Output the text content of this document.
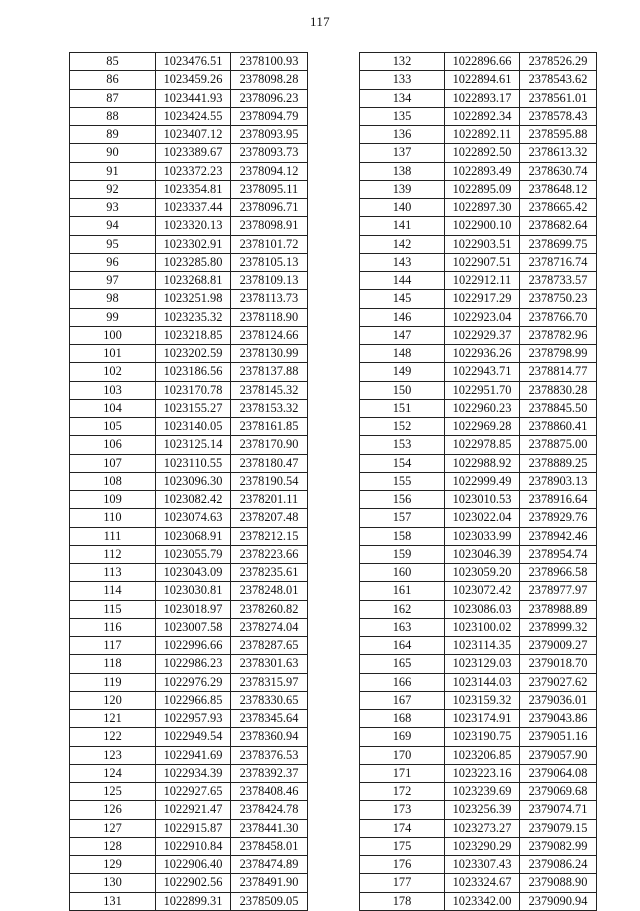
117
85	1023476.51	2378100.93
86	1023459.26	2378098.28
87	1023441.93	2378096.23
88	1023424.55	2378094.79
89	1023407.12	2378093.95
90	1023389.67	2378093.73
91	1023372.23	2378094.12
92	1023354.81	2378095.11
93	1023337.44	2378096.71
94	1023320.13	2378098.91
95	1023302.91	2378101.72
96	1023285.80	2378105.13
97	1023268.81	2378109.13
98	1023251.98	2378113.73
99	1023235.32	2378118.90
100	1023218.85	2378124.66
101	1023202.59	2378130.99
102	1023186.56	2378137.88
103	1023170.78	2378145.32
104	1023155.27	2378153.32
105	1023140.05	2378161.85
106	1023125.14	2378170.90
107	1023110.55	2378180.47
108	1023096.30	2378190.54
109	1023082.42	2378201.11
110	1023074.63	2378207.48
111	1023068.91	2378212.15
112	1023055.79	2378223.66
113	1023043.09	2378235.61
114	1023030.81	2378248.01
115	1023018.97	2378260.82
116	1023007.58	2378274.04
117	1022996.66	2378287.65
118	1022986.23	2378301.63
119	1022976.29	2378315.97
120	1022966.85	2378330.65
121	1022957.93	2378345.64
122	1022949.54	2378360.94
123	1022941.69	2378376.53
124	1022934.39	2378392.37
125	1022927.65	2378408.46
126	1022921.47	2378424.78
127	1022915.87	2378441.30
128	1022910.84	2378458.01
129	1022906.40	2378474.89
130	1022902.56	2378491.90
131	1022899.31	2378509.05
132	1022896.66	2378526.29
133	1022894.61	2378543.62
134	1022893.17	2378561.01
135	1022892.34	2378578.43
136	1022892.11	2378595.88
137	1022892.50	2378613.32
138	1022893.49	2378630.74
139	1022895.09	2378648.12
140	1022897.30	2378665.42
141	1022900.10	2378682.64
142	1022903.51	2378699.75
143	1022907.51	2378716.74
144	1022912.11	2378733.57
145	1022917.29	2378750.23
146	1022923.04	2378766.70
147	1022929.37	2378782.96
148	1022936.26	2378798.99
149	1022943.71	2378814.77
150	1022951.70	2378830.28
151	1022960.23	2378845.50
152	1022969.28	2378860.41
153	1022978.85	2378875.00
154	1022988.92	2378889.25
155	1022999.49	2378903.13
156	1023010.53	2378916.64
157	1023022.04	2378929.76
158	1023033.99	2378942.46
159	1023046.39	2378954.74
160	1023059.20	2378966.58
161	1023072.42	2378977.97
162	1023086.03	2378988.89
163	1023100.02	2378999.32
164	1023114.35	2379009.27
165	1023129.03	2379018.70
166	1023144.03	2379027.62
167	1023159.32	2379036.01
168	1023174.91	2379043.86
169	1023190.75	2379051.16
170	1023206.85	2379057.90
171	1023223.16	2379064.08
172	1023239.69	2379069.68
173	1023256.39	2379074.71
174	1023273.27	2379079.15
175	1023290.29	2379082.99
176	1023307.43	2379086.24
177	1023324.67	2379088.90
178	1023342.00	2379090.94
